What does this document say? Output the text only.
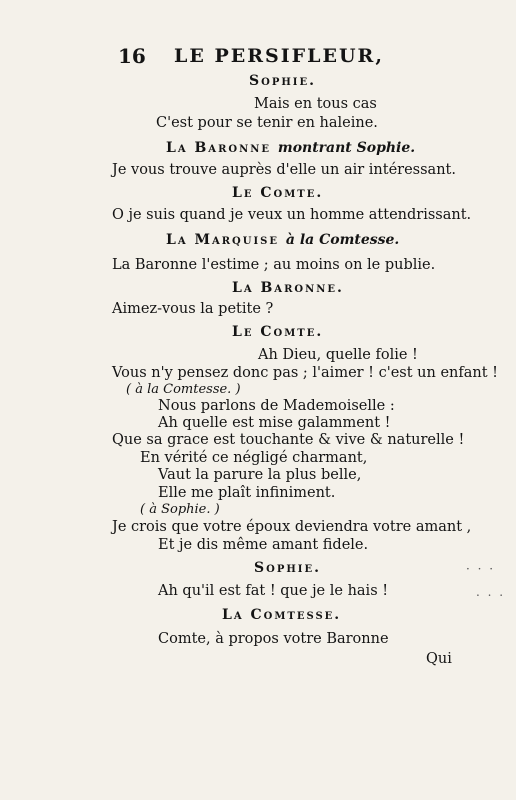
16 LE PERSIFLEUR,
Sophie.
Mais en tous cas
C'est pour se tenir en haleine.
La Baronne montrant Sophie.
Je vous trouve auprès d'elle un air intéressant.
Le Comte.
O je suis quand je veux un homme attendrissant.
La Marquise à la Comtesse.
La Baronne l'estime ; au moins on le publie.
La Baronne.
Aimez-vous la petite ?
Le Comte.
Ah Dieu, quelle folie !
Vous n'y pensez donc pas ; l'aimer ! c'est un enfant !
( à la Comtesse. )
Nous parlons de Mademoiselle :
Ah quelle est mise galamment !
Que sa grace est touchante & vive & naturelle !
En vérité ce négligé charmant,
Vaut la parure la plus belle,
Elle me plaît infiniment.
( à Sophie. )
Je crois que votre époux deviendra votre amant ,
Et je dis même amant fidele.
Sophie.
Ah qu'il est fat ! que je le hais !
La Comtesse.
Comte, à propos votre Baronne
Qui
· · ·
. . .
